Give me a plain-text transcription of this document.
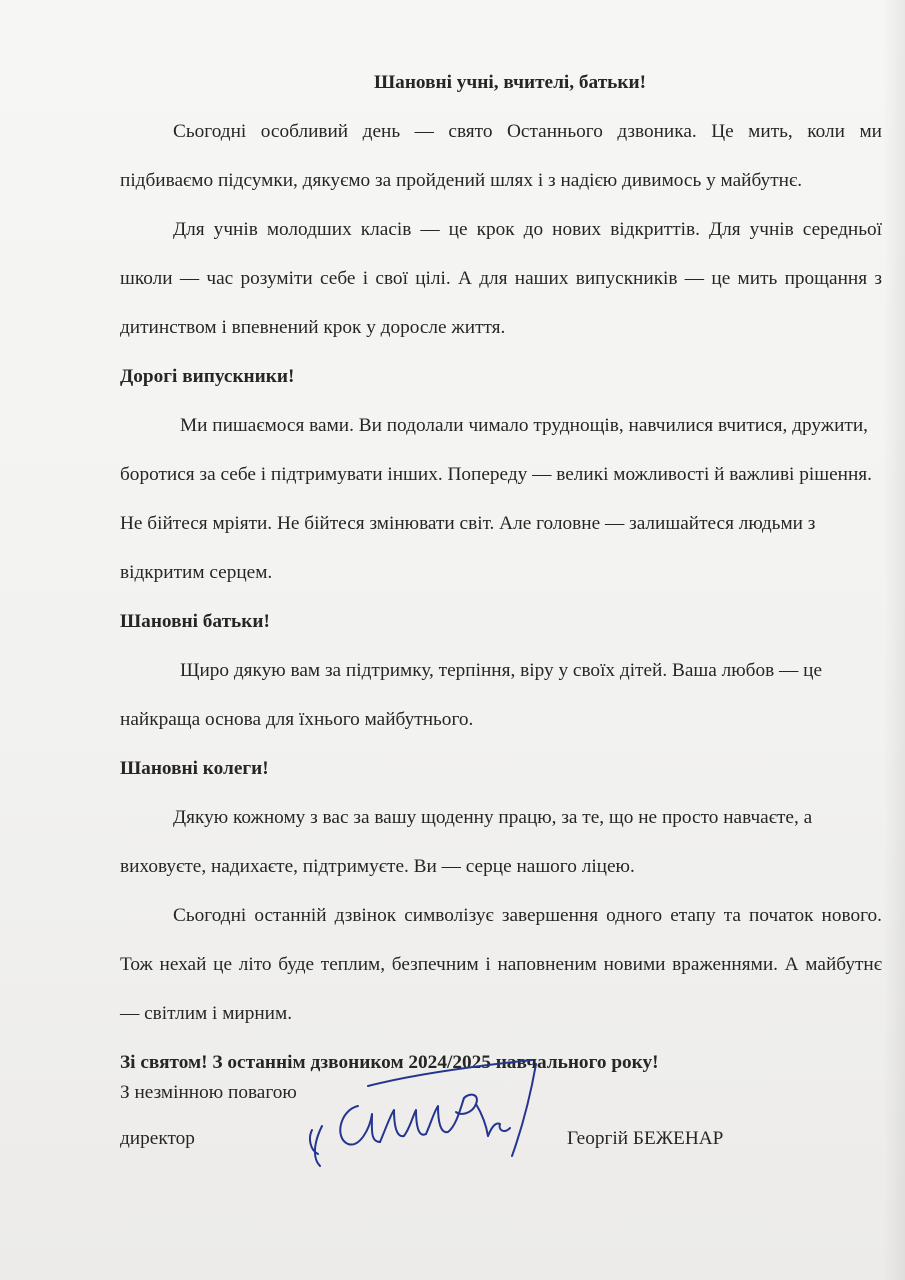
Шановні учні, вчителі, батьки!

Сьогодні особливий день — свято Останнього дзвоника. Це мить, коли ми підбиваємо підсумки, дякуємо за пройдений шлях і з надією дивимось у майбутнє.

Для учнів молодших класів — це крок до нових відкриттів. Для учнів середньої школи — час розуміти себе і свої цілі. А для наших випускників — це мить прощання з дитинством і впевнений крок у доросле життя.

Дорогі випускники!

Ми пишаємося вами. Ви подолали чимало труднощів, навчилися вчитися, дружити, боротися за себе і підтримувати інших. Попереду — великі можливості й важливі рішення. Не бійтеся мріяти. Не бійтеся змінювати світ. Але головне — залишайтеся людьми з відкритим серцем.

Шановні батьки!

Щиро дякую вам за підтримку, терпіння, віру у своїх дітей. Ваша любов — це найкраща основа для їхнього майбутнього.

Шановні колеги!

Дякую кожному з вас за вашу щоденну працю, за те, що не просто навчаєте, а виховуєте, надихаєте, підтримуєте. Ви — серце нашого ліцею.

Сьогодні останній дзвінок символізує завершення одного етапу та початок нового. Тож нехай це літо буде теплим, безпечним і наповненим новими враженнями. А майбутнє — світлим і мирним.

Зі святом! З останнім дзвоником 2024/2025 навчального року!

З незмінною повагою

директор	Георгій БЕЖЕНАР
